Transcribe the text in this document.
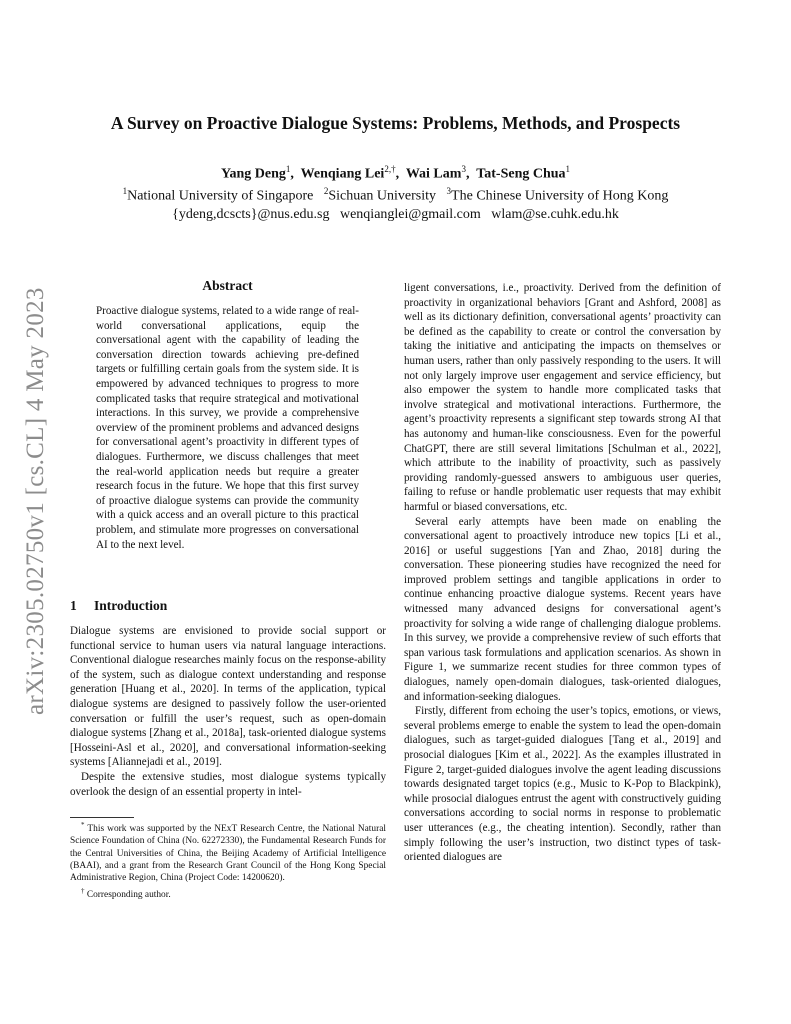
arXiv:2305.02750v1 [cs.CL] 4 May 2023
A Survey on Proactive Dialogue Systems: Problems, Methods, and Prospects
Yang Deng$^1$,  Wenqiang Lei$^{2,\dagger}$,  Wai Lam$^3$,  Tat-Seng Chua$^1$
$^1$National University of Singapore $^2$Sichuan University $^3$The Chinese University of Hong Kong
{ydeng,dcscts}@nus.edu.sg   wenqianglei@gmail.com   wlam@se.cuhk.edu.hk
Abstract

Proactive dialogue systems, related to a wide range of real-world conversational applications, equip the conversational agent with the capability of leading the conversation direction towards achieving pre-defined targets or fulfilling certain goals from the system side. It is empowered by advanced techniques to progress to more complicated tasks that require strategical and motivational interactions. In this survey, we provide a comprehensive overview of the prominent problems and advanced designs for conversational agent’s proactivity in different types of dialogues. Furthermore, we discuss challenges that meet the real-world application needs but require a greater research focus in the future. We hope that this first survey of proactive dialogue systems can provide the community with a quick access and an overall picture to this practical problem, and stimulate more progresses on conversational AI to the next level.

1 Introduction

Dialogue systems are envisioned to provide social support or functional service to human users via natural language interactions. Conventional dialogue researches mainly focus on the response-ability of the system, such as dialogue context understanding and response generation [Huang et al., 2020]. In terms of the application, typical dialogue systems are designed to passively follow the user-oriented conversation or fulfill the user’s request, such as open-domain dialogue systems [Zhang et al., 2018a], task-oriented dialogue systems [Hosseini-Asl et al., 2020], and conversational information-seeking systems [Aliannejadi et al., 2019].

Despite the extensive studies, most dialogue systems typically overlook the design of an essential property in intel-

* This work was supported by the NExT Research Centre, the National Natural Science Foundation of China (No. 62272330), the Fundamental Research Funds for the Central Universities of China, the Beijing Academy of Artificial Intelligence (BAAI), and a grant from the Research Grant Council of the Hong Kong Special Administrative Region, China (Project Code: 14200620).

† Corresponding author.

ligent conversations, i.e., proactivity. Derived from the definition of proactivity in organizational behaviors [Grant and Ashford, 2008] as well as its dictionary definition, conversational agents’ proactivity can be defined as the capability to create or control the conversation by taking the initiative and anticipating the impacts on themselves or human users, rather than only passively responding to the users. It will not only largely improve user engagement and service efficiency, but also empower the system to handle more complicated tasks that involve strategical and motivational interactions. Furthermore, the agent’s proactivity represents a significant step towards strong AI that has autonomy and human-like consciousness. Even for the powerful ChatGPT, there are still several limitations [Schulman et al., 2022], which attribute to the inability of proactivity, such as passively providing randomly-guessed answers to ambiguous user queries, failing to refuse or handle problematic user requests that may exhibit harmful or biased conversations, etc.

Several early attempts have been made on enabling the conversational agent to proactively introduce new topics [Li et al., 2016] or useful suggestions [Yan and Zhao, 2018] during the conversation. These pioneering studies have recognized the need for improved problem settings and tangible applications in order to continue enhancing proactive dialogue systems. Recent years have witnessed many advanced designs for conversational agent’s proactivity for solving a wide range of challenging dialogue problems. In this survey, we provide a comprehensive review of such efforts that span various task formulations and application scenarios. As shown in Figure 1, we summarize recent studies for three common types of dialogues, namely open-domain dialogues, task-oriented dialogues, and information-seeking dialogues.

Firstly, different from echoing the user’s topics, emotions, or views, several problems emerge to enable the system to lead the open-domain dialogues, such as target-guided dialogues [Tang et al., 2019] and prosocial dialogues [Kim et al., 2022]. As the examples illustrated in Figure 2, target-guided dialogues involve the agent leading discussions towards designated target topics (e.g., Music to K-Pop to Blackpink), while prosocial dialogues entrust the agent with constructively guiding conversations according to social norms in response to problematic user utterances (e.g., the cheating intention). Secondly, rather than simply following the user’s instruction, two distinct types of task-oriented dialogues are
